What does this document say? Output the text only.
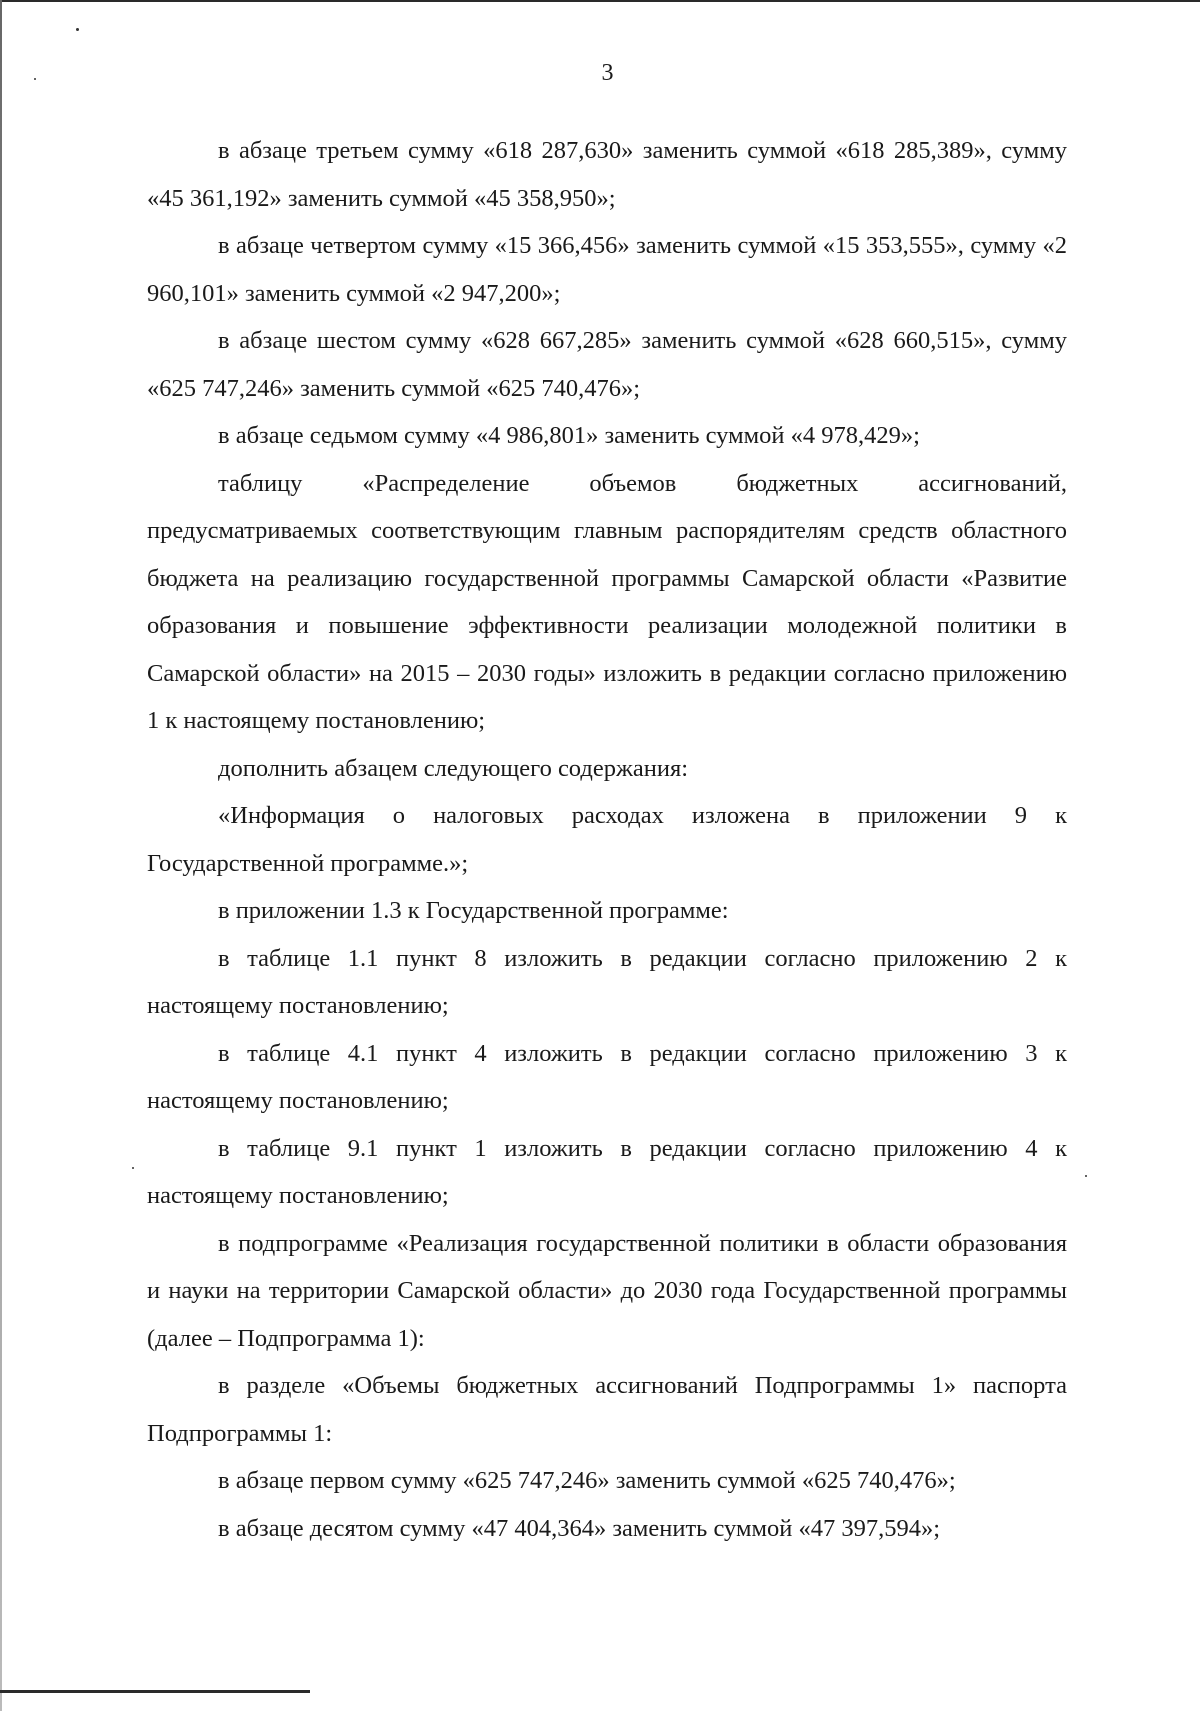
3

в абзаце третьем сумму «618 287,630» заменить суммой «618 285,389», сумму «45 361,192» заменить суммой «45 358,950»;

в абзаце четвертом сумму «15 366,456» заменить суммой «15 353,555», сумму «2 960,101» заменить суммой «2 947,200»;

в абзаце шестом сумму «628 667,285» заменить суммой «628 660,515», сумму «625 747,246» заменить суммой «625 740,476»;

в абзаце седьмом сумму «4 986,801» заменить суммой «4 978,429»;

таблицу «Распределение объемов бюджетных ассигнований, предусматриваемых соответствующим главным распорядителям средств областного бюджета на реализацию государственной программы Самарской области «Развитие образования и повышение эффективности реализации молодежной политики в Самарской области» на 2015 – 2030 годы» изложить в редакции согласно приложению 1 к настоящему постановлению;

дополнить абзацем следующего содержания:

«Информация о налоговых расходах изложена в приложении 9 к Государственной программе.»;

в приложении 1.3 к Государственной программе:

в таблице 1.1 пункт 8 изложить в редакции согласно приложению 2 к настоящему постановлению;

в таблице 4.1 пункт 4 изложить в редакции согласно приложению 3 к настоящему постановлению;

в таблице 9.1 пункт 1 изложить в редакции согласно приложению 4 к настоящему постановлению;

в подпрограмме «Реализация государственной политики в области образования и науки на территории Самарской области» до 2030 года Государственной программы (далее – Подпрограмма 1):

в разделе «Объемы бюджетных ассигнований Подпрограммы 1» паспорта Подпрограммы 1:

в абзаце первом сумму «625 747,246» заменить суммой «625 740,476»;

в абзаце десятом сумму «47 404,364» заменить суммой «47 397,594»;
